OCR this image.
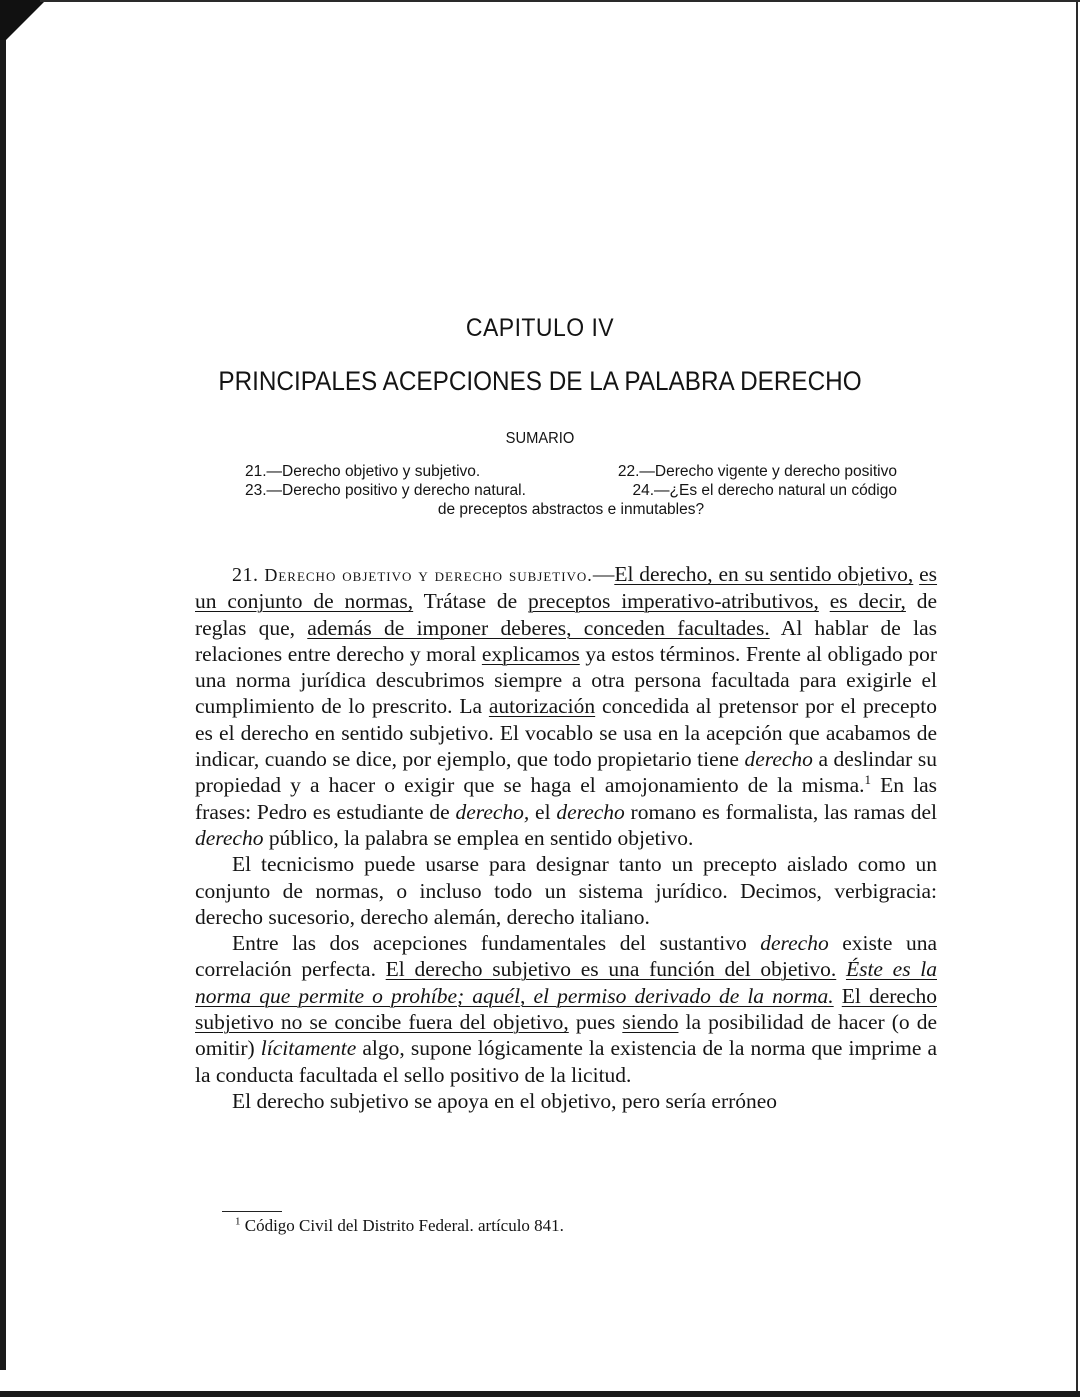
CAPITULO IV
PRINCIPALES ACEPCIONES DE LA PALABRA DERECHO
SUMARIO
21.—Derecho objetivo y subjetivo.	22.—Derecho vigente y derecho positivo
23.—Derecho positivo y derecho natural.	24.—¿Es el derecho natural un código
de preceptos abstractos e inmutables?

21. Derecho objetivo y derecho subjetivo.—El derecho, en su sentido objetivo, es un conjunto de normas, Trátase de preceptos imperativo-atributivos, es decir, de reglas que, además de imponer deberes, conceden facultades. Al hablar de las relaciones entre derecho y moral explicamos ya estos términos. Frente al obligado por una norma jurídica descubrimos siempre a otra persona facultada para exigirle el cumplimiento de lo prescrito. La autorización concedida al pretensor por el precepto es el derecho en sentido subjetivo. El vocablo se usa en la acepción que acabamos de indicar, cuando se dice, por ejemplo, que todo propietario tiene derecho a deslindar su propiedad y a hacer o exigir que se haga el amojonamiento de la misma.$^1$ En las frases: Pedro es estudiante de derecho, el derecho romano es formalista, las ramas del derecho público, la palabra se emplea en sentido objetivo.

El tecnicismo puede usarse para designar tanto un precepto aislado como un conjunto de normas, o incluso todo un sistema jurídico. Decimos, verbigracia: derecho sucesorio, derecho alemán, derecho italiano.

Entre las dos acepciones fundamentales del sustantivo derecho existe una correlación perfecta. El derecho subjetivo es una función del objetivo. Éste es la norma que permite o prohíbe; aquél, el permiso derivado de la norma. El derecho subjetivo no se concibe fuera del objetivo, pues siendo la posibilidad de hacer (o de omitir) lícitamente algo, supone lógicamente la existencia de la norma que imprime a la conducta facultada el sello positivo de la licitud.

El derecho subjetivo se apoya en el objetivo, pero sería erróneo

$^1$ Código Civil del Distrito Federal. artículo 841.
